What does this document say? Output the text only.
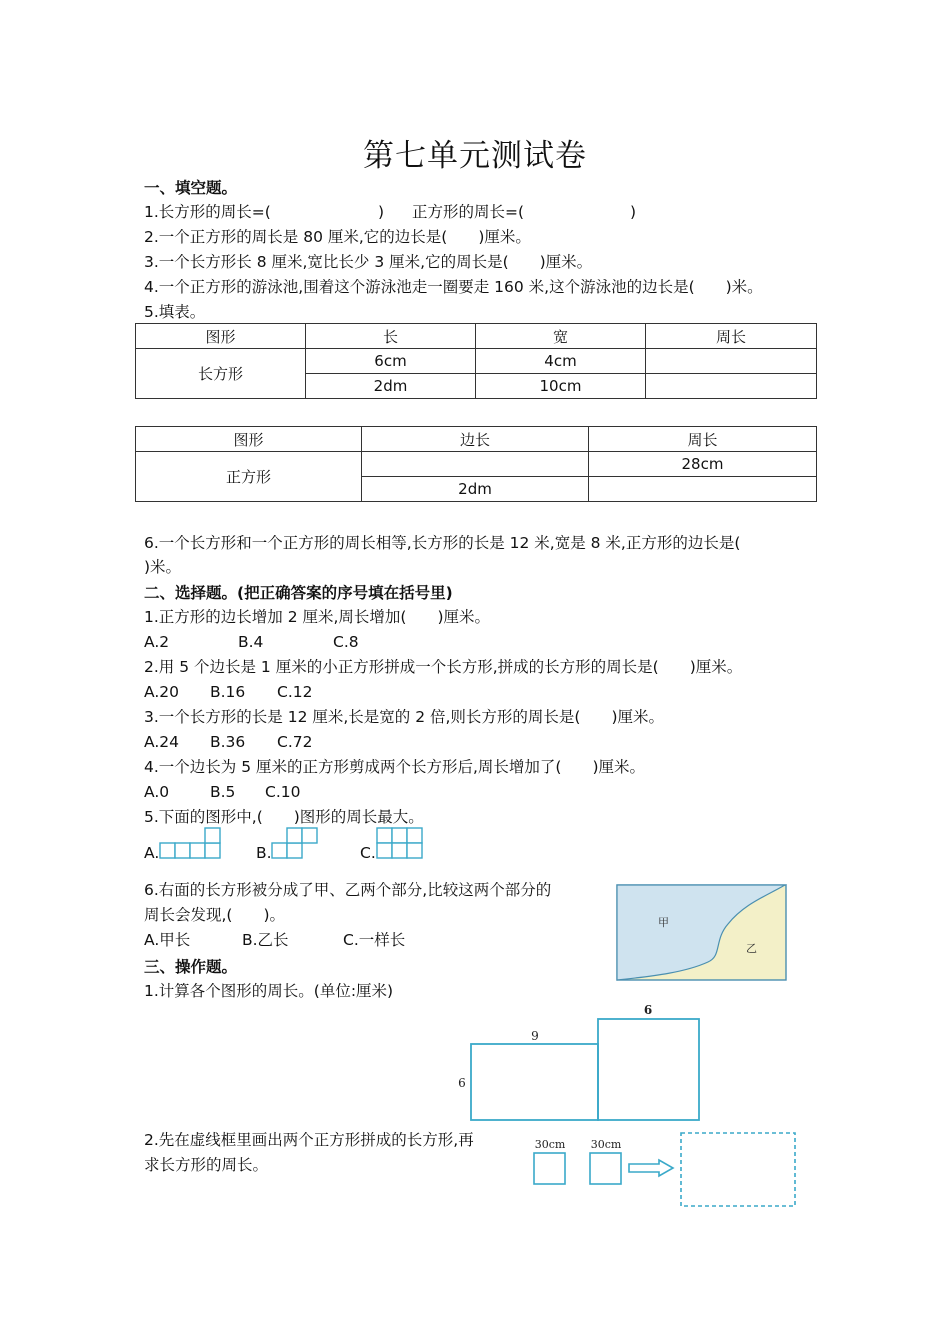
第七单元测试卷
一、填空题。
1.长方形的周长=(	) 正方形的周长=(	)
2.一个正方形的周长是 80 厘米,它的边长是(　　)厘米。
3.一个长方形长 8 厘米,宽比长少 3 厘米,它的周长是(　　)厘米。
4.一个正方形的游泳池,围着这个游泳池走一圈要走 160 米,这个游泳池的边长是(　　)米。
5.填表。
图形	长	宽	周长
长方形	6cm	4cm	
	2dm	10cm	
图形	边长	周长
正方形		28cm
	2dm	
6.一个长方形和一个正方形的周长相等,长方形的长是 12 米,宽是 8 米,正方形的边长是(
)米。
二、选择题。(把正确答案的序号填在括号里)
1.正方形的边长增加 2 厘米,周长增加(　　)厘米。
A.2	B.4	C.8
2.用 5 个边长是 1 厘米的小正方形拼成一个长方形,拼成的长方形的周长是(　　)厘米。
A.20 B.16 C.12
3.一个长方形的长是 12 厘米,长是宽的 2 倍,则长方形的周长是(　　)厘米。
A.24 B.36 C.72
4.一个边长为 5 厘米的正方形剪成两个长方形后,周长增加了(　　)厘米。
A.0	B.5 C.10
5.下面的图形中,(　　)图形的周长最大。
A.	B.	C.
6.右面的长方形被分成了甲、乙两个部分,比较这两个部分的
周长会发现,(　　)。
A.甲长	B.乙长	C.一样长
甲
乙
三、操作题。
1.计算各个图形的周长。(单位:厘米)
9
6
6
2.先在虚线框里画出两个正方形拼成的长方形,再
求长方形的周长。
30cm 30cm
